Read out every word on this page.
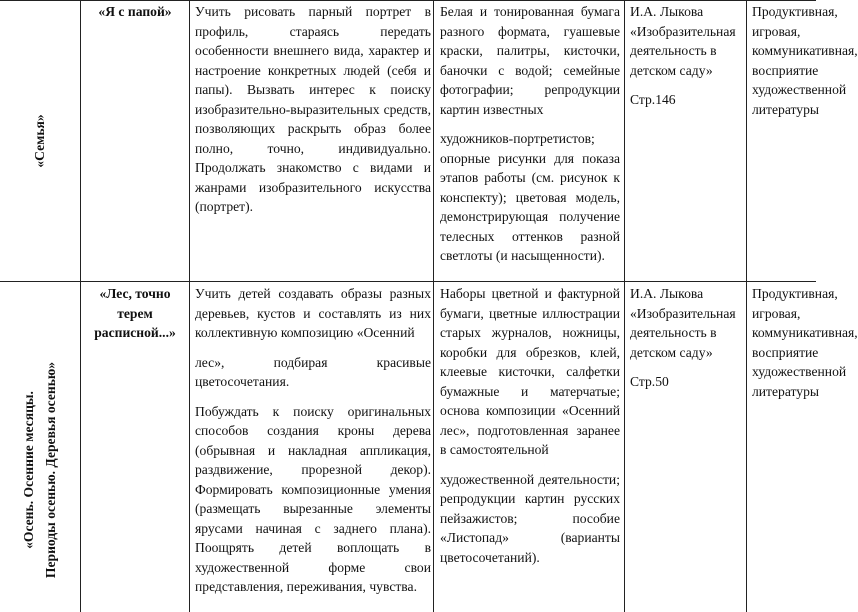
«Семья»
«Я с папой»	Учить рисовать парный портрет в профиль, стараясь передать особенности внешнего вида, характер и настроение конкретных людей (себя и папы). Вызвать интерес к поиску изобразительно-выразительных средств, позволяющих раскрыть образ более полно, точно, индивидуально. Продолжать знакомство с видами и жанрами изобразительного искусства (портрет).

Белая и тонированная бумага разного формата, гуашевые краски, палитры, кисточки, баночки с водой; семейные фотографии; репродукции картин известных

художников-портретистов; опорные рисунки для показа этапов работы (см. рисунок к конспекту); цветовая модель, демонстрирующая получение телесных оттенков разной светлоты (и насыщенности).

И.А. Лыкова «Изобразительная деятельность в детском саду»

Стр.146

Продуктивная,

игровая,

коммуникативная,

восприятие

художественной

литературы

«Осень. Осенние месяцы. Периоды осенью. Деревья осенью»
«Лес, точно терем расписной...»

Учить детей создавать образы разных деревьев, кустов и составлять из них коллективную композицию «Осенний

лес», подбирая красивые цветосочетания.

Побуждать к поиску оригинальных способов создания кроны дерева (обрывная и накладная аппликация, раздвижение, прорезной декор). Формировать композиционные умения (размещать вырезанные элементы ярусами начиная с заднего плана). Поощрять детей воплощать в художественной форме свои представления, переживания, чувства.

Наборы цветной и фактурной бумаги, цветные иллюстрации старых журналов, ножницы, коробки для обрезков, клей, клеевые кисточки, салфетки бумажные и матерчатые; основа композиции «Осенний лес», подготовленная заранее в самостоятельной

художественной деятельности; репродукции картин русских пейзажистов; пособие «Листопад» (варианты цветосочетаний).

И.А. Лыкова «Изобразительная деятельность в детском саду»

Стр.50

Продуктивная,

игровая,

коммуникативная,

восприятие

художественной

литературы
